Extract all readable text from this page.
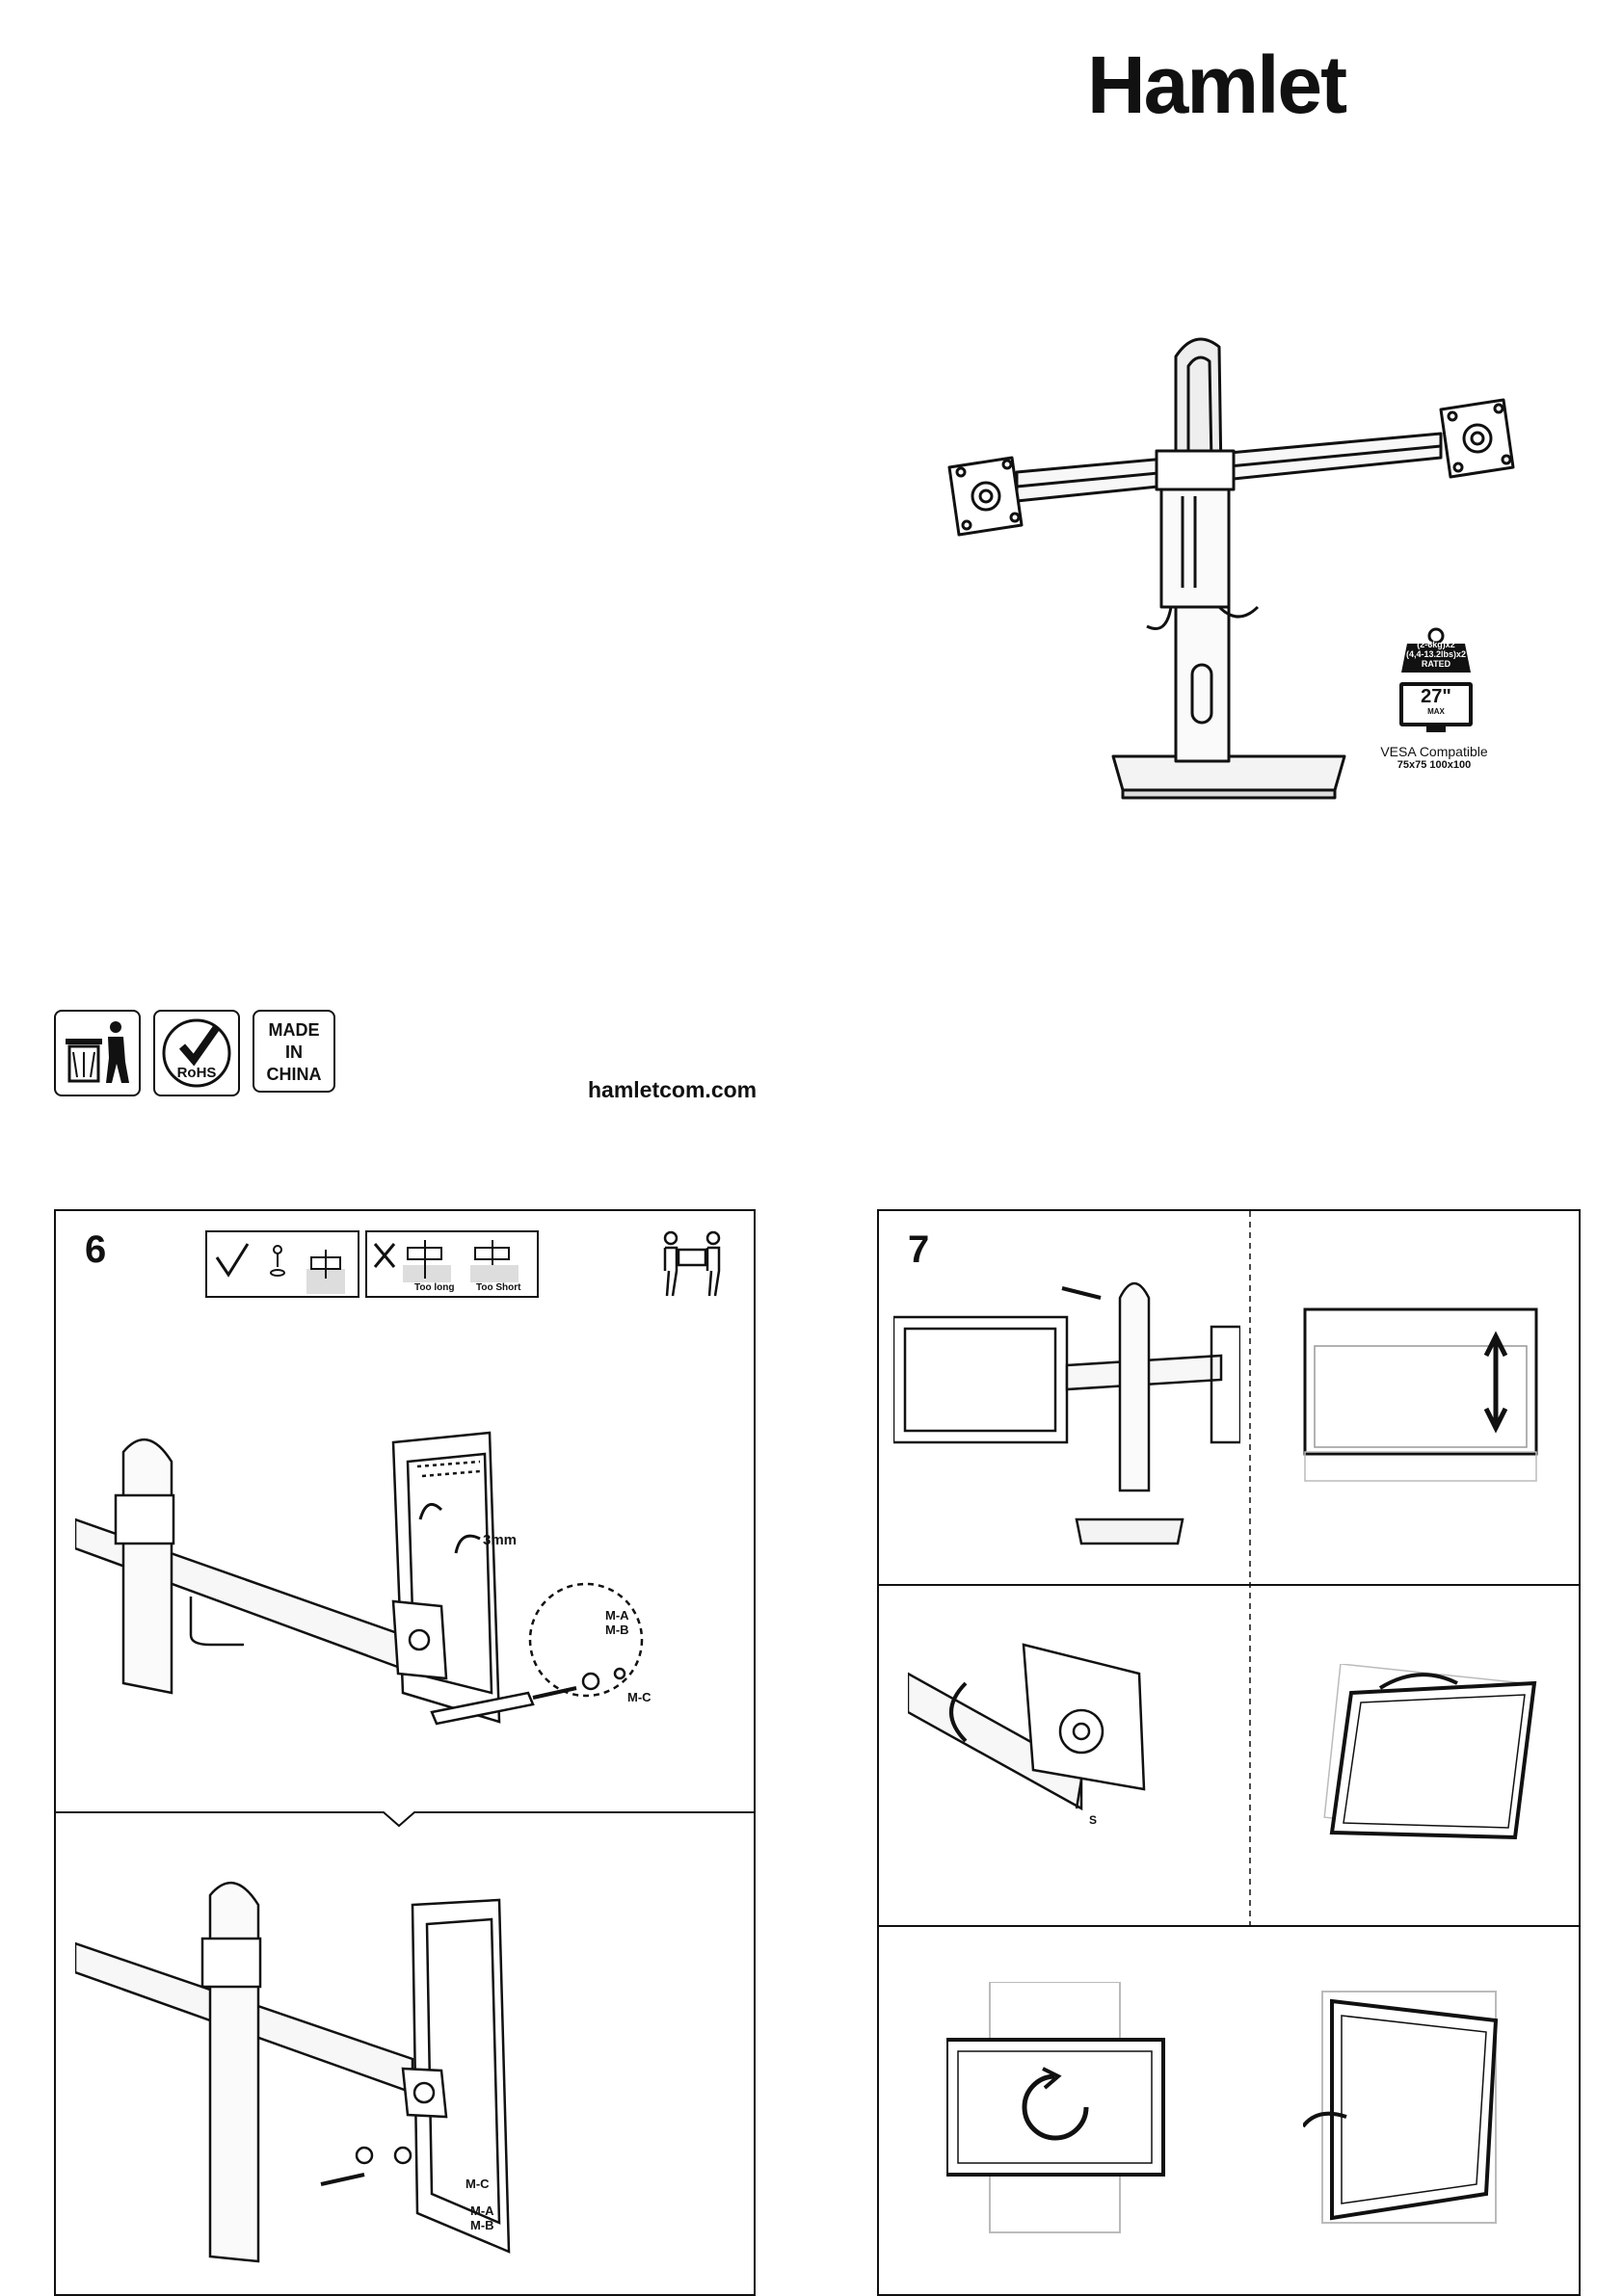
Hamlet
(2-6kg)x2
(4,4-13.2lbs)x2
RATED
27"
MAX
VESA Compatible
75x75 100x100
RoHS
MADE
IN
CHINA
hamletcom.com
6
Too long Too Short
3mm
M-A
M-B
M-C
M-C
M-A
M-B
7
S
